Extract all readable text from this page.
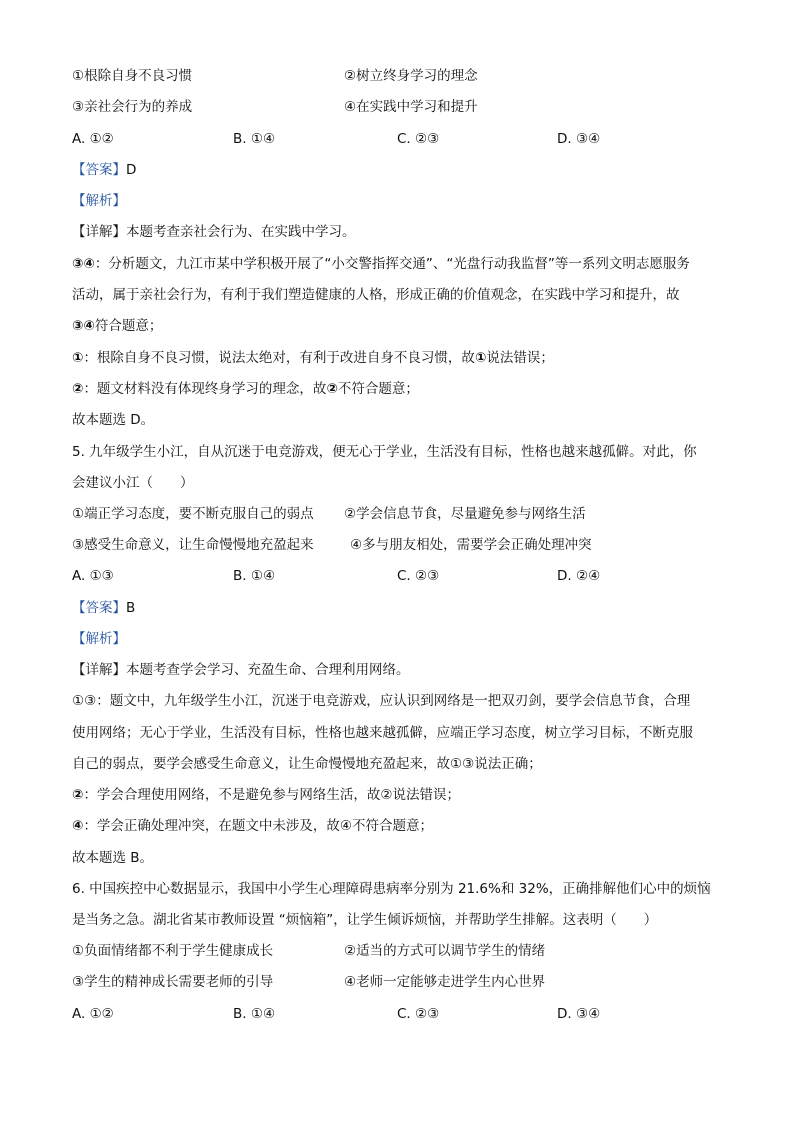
①根除自身不良习惯	②树立终身学习的理念
③亲社会行为的养成	④在实践中学习和提升
A. ①②	B. ①④	C. ②③	D. ③④
【答案】D
【解析】
【详解】本题考查亲社会行为、在实践中学习。
③④：分析题文，九江市某中学积极开展了“小交警指挥交通”、“光盘行动我监督”等一系列文明志愿服务
活动，属于亲社会行为，有利于我们塑造健康的人格，形成正确的价值观念，在实践中学习和提升，故
③④符合题意；
①：根除自身不良习惯，说法太绝对，有利于改进自身不良习惯，故①说法错误；
②：题文材料没有体现终身学习的理念，故②不符合题意；
故本题选 D。
5. 九年级学生小江，自从沉迷于电竞游戏，便无心于学业，生活没有目标，性格也越来越孤僻。对此，你
会建议小江（　　）
①端正学习态度，要不断克服自己的弱点 ②学会信息节食，尽量避免参与网络生活
③感受生命意义，让生命慢慢地充盈起来	④多与朋友相处，需要学会正确处理冲突
A. ①③	B. ①④	C. ②③	D. ②④
【答案】B
【解析】
【详解】本题考查学会学习、充盈生命、合理利用网络。
①③：题文中，九年级学生小江，沉迷于电竞游戏，应认识到网络是一把双刃剑，要学会信息节食，合理
使用网络；无心于学业，生活没有目标，性格也越来越孤僻，应端正学习态度，树立学习目标，不断克服
自己的弱点，要学会感受生命意义，让生命慢慢地充盈起来，故①③说法正确；
②：学会合理使用网络，不是避免参与网络生活，故②说法错误；
④：学会正确处理冲突，在题文中未涉及，故④不符合题意；
故本题选 B。
6. 中国疾控中心数据显示，我国中小学生心理障碍患病率分别为 21.6%和 32%，正确排解他们心中的烦恼
是当务之急。湖北省某市教师设置 “烦恼箱”，让学生倾诉烦恼，并帮助学生排解。这表明（　　）
①负面情绪都不利于学生健康成长	②适当的方式可以调节学生的情绪
③学生的精神成长需要老师的引导	④老师一定能够走进学生内心世界
A. ①②	B. ①④	C. ②③	D. ③④
